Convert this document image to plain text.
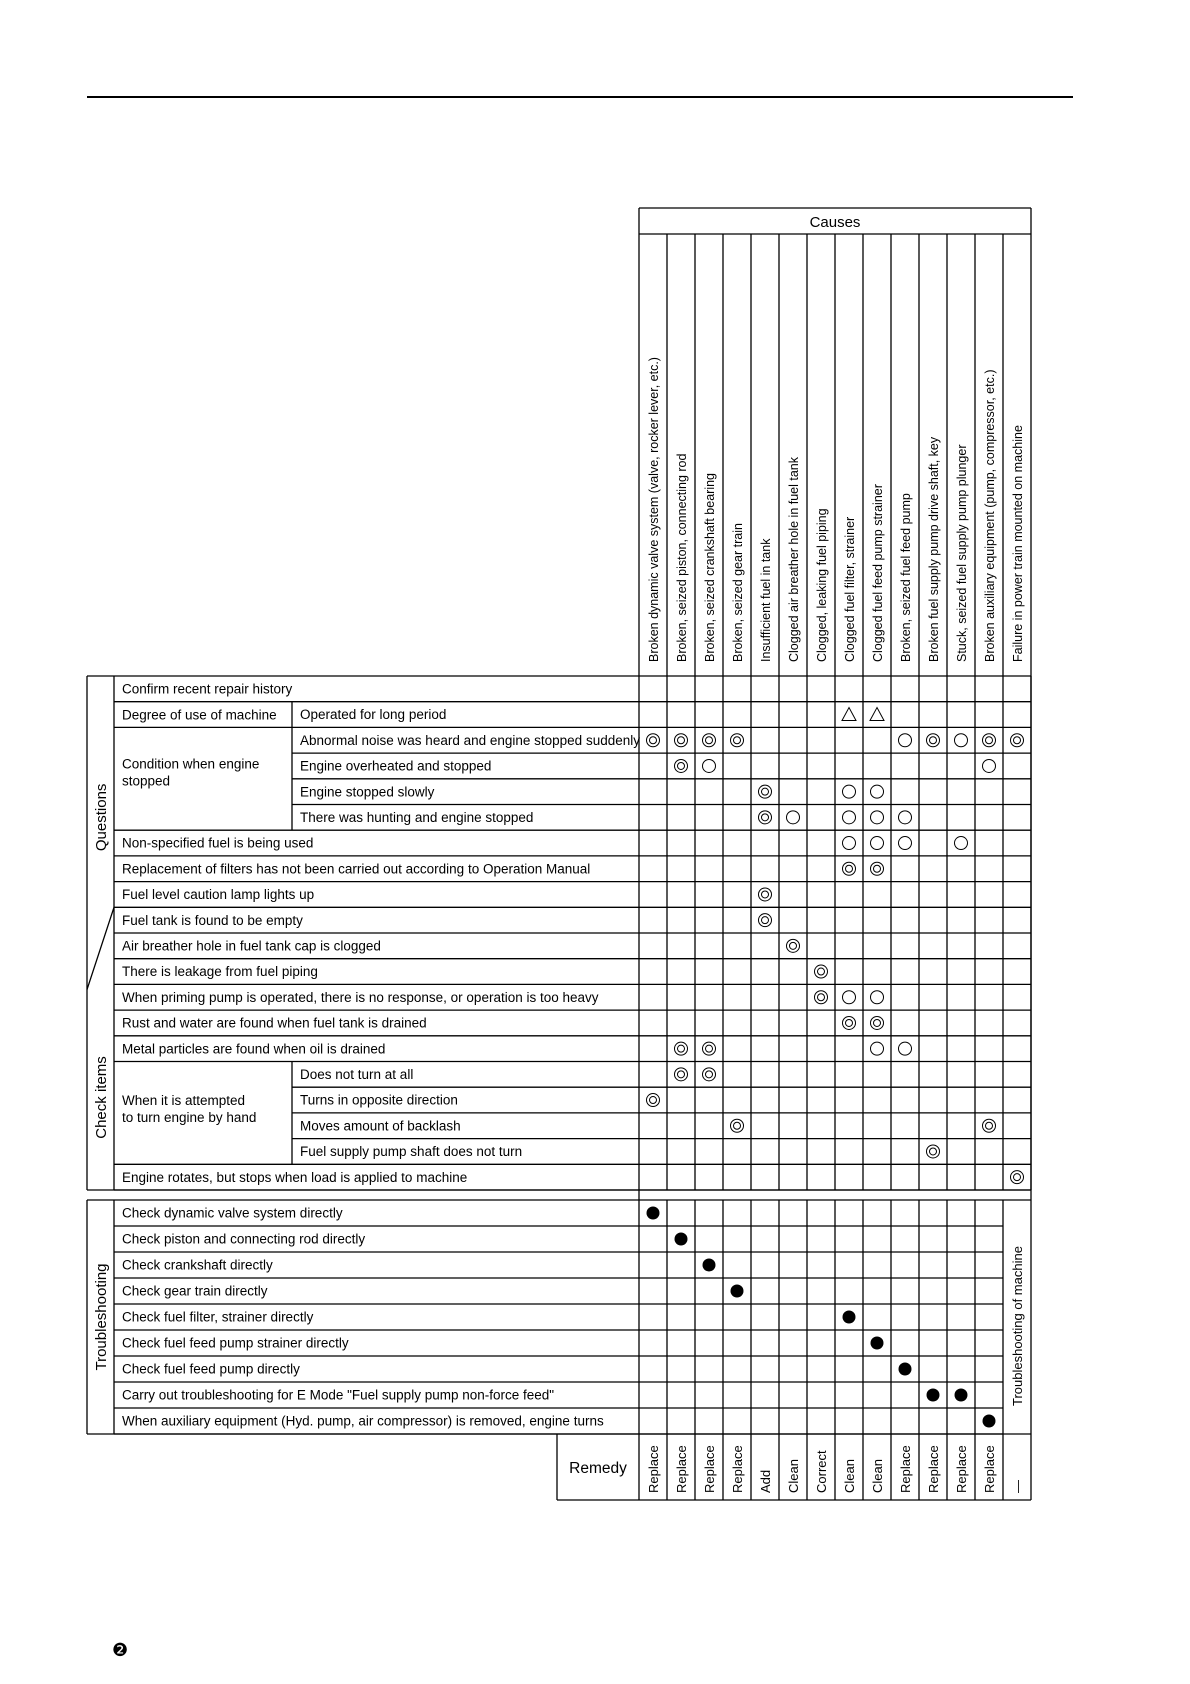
Causes
Broken dynamic valve system (valve, rocker lever, etc.) Broken, seized piston, connecting rod Broken, seized crankshaft bearing Broken, seized gear train Insufficient fuel in tank Clogged air breather hole in fuel tank Clogged, leaking fuel piping Clogged fuel filter, strainer Clogged fuel feed pump strainer Broken, seized fuel feed pump Broken fuel supply pump drive shaft, key Stuck, seized fuel supply pump plunger Broken auxiliary equipment (pump, compressor, etc.) Failure in power train mounted on machine
Questions
Check items
Degree of use of machine
Condition when engine
stopped
When it is attempted
to turn engine by hand
Confirm recent repair history
Operated for long period
Abnormal noise was heard and engine stopped suddenly
Engine overheated and stopped
Engine stopped slowly
There was hunting and engine stopped
Non-specified fuel is being used
Replacement of filters has not been carried out according to Operation Manual
Fuel level caution lamp lights up
Fuel tank is found to be empty
Air breather hole in fuel tank cap is clogged
There is leakage from fuel piping
When priming pump is operated, there is no response, or operation is too heavy
Rust and water are found when fuel tank is drained
Metal particles are found when oil is drained
Does not turn at all
Turns in opposite direction
Moves amount of backlash
Fuel supply pump shaft does not turn
Engine rotates, but stops when load is applied to machine
Troubleshooting
Check dynamic valve system directly
Check piston and connecting rod directly
Check crankshaft directly
Check gear train directly
Check fuel filter, strainer directly
Check fuel feed pump strainer directly
Check fuel feed pump directly
Carry out troubleshooting for E Mode "Fuel supply pump non-force feed"
When auxiliary equipment (Hyd. pump, air compressor) is removed, engine turns
Troubleshooting of machine
Remedy Replace Replace Replace Replace Add Clean Correct Clean Clean Replace Replace Replace Replace —
❷
